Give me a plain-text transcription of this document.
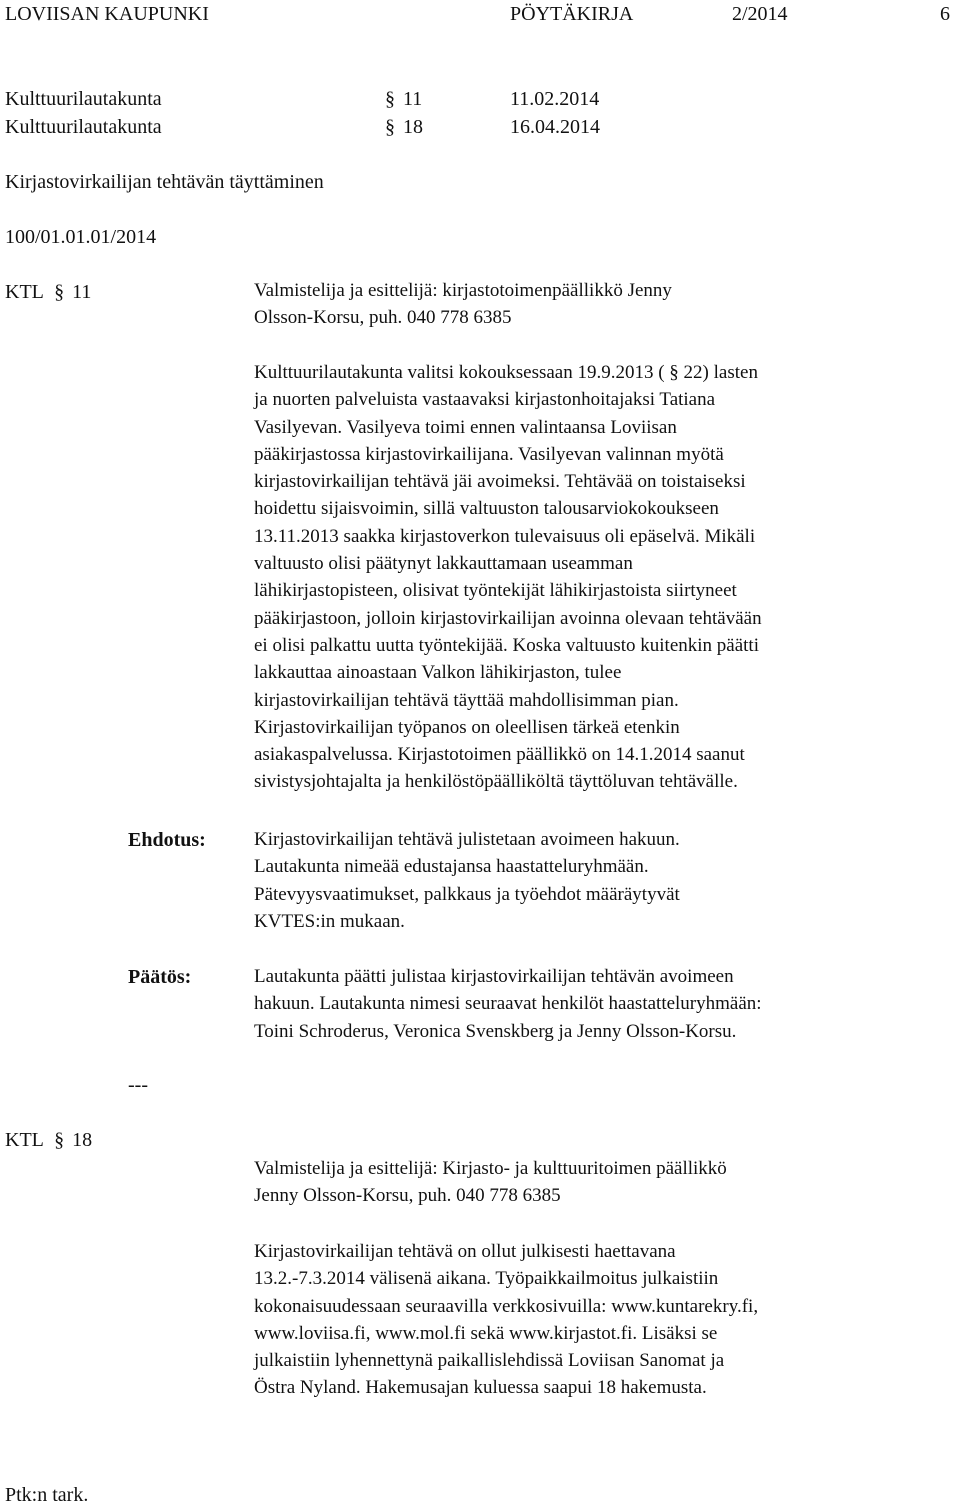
LOVIISAN KAUPUNKI	PÖYTÄKIRJA	2/2014	6
Kulttuurilautakunta	§ 11	11.02.2014
Kulttuurilautakunta	§ 18	16.04.2014
Kirjastovirkailijan tehtävän täyttäminen
100/01.01.01/2014
KTL § 11	Valmistelija ja esittelijä: kirjastotoimenpäällikkö Jenny
Olsson-Korsu, puh. 040 778 6385
Kulttuurilautakunta valitsi kokouksessaan 19.9.2013 ( § 22) lasten
ja nuorten palveluista vastaavaksi kirjastonhoitajaksi Tatiana
Vasilyevan. Vasilyeva toimi ennen valintaansa Loviisan
pääkirjastossa kirjastovirkailijana. Vasilyevan valinnan myötä
kirjastovirkailijan tehtävä jäi avoimeksi. Tehtävää on toistaiseksi
hoidettu sijaisvoimin, sillä valtuuston talousarviokokoukseen
13.11.2013 saakka kirjastoverkon tulevaisuus oli epäselvä. Mikäli
valtuusto olisi päätynyt lakkauttamaan useamman
lähikirjastopisteen, olisivat työntekijät lähikirjastoista siirtyneet
pääkirjastoon, jolloin kirjastovirkailijan avoinna olevaan tehtävään
ei olisi palkattu uutta työntekijää. Koska valtuusto kuitenkin päätti
lakkauttaa ainoastaan Valkon lähikirjaston, tulee
kirjastovirkailijan tehtävä täyttää mahdollisimman pian.
Kirjastovirkailijan työpanos on oleellisen tärkeä etenkin
asiakaspalvelussa. Kirjastotoimen päällikkö on 14.1.2014 saanut
sivistysjohtajalta ja henkilöstöpäälliköltä täyttöluvan tehtävälle.
Ehdotus:	Kirjastovirkailijan tehtävä julistetaan avoimeen hakuun.
Lautakunta nimeää edustajansa haastatteluryhmään.
Pätevyysvaatimukset, palkkaus ja työehdot määräytyvät
KVTES:in mukaan.
Päätös:	Lautakunta päätti julistaa kirjastovirkailijan tehtävän avoimeen
hakuun. Lautakunta nimesi seuraavat henkilöt haastatteluryhmään:
Toini Schroderus, Veronica Svenskberg ja Jenny Olsson-Korsu.
---
KTL § 18
Valmistelija ja esittelijä: Kirjasto- ja kulttuuritoimen päällikkö
Jenny Olsson-Korsu, puh. 040 778 6385
Kirjastovirkailijan tehtävä on ollut julkisesti haettavana
13.2.-7.3.2014 välisenä aikana. Työpaikkailmoitus julkaistiin
kokonaisuudessaan seuraavilla verkkosivuilla: www.kuntarekry.fi,
www.loviisa.fi, www.mol.fi sekä www.kirjastot.fi. Lisäksi se
julkaistiin lyhennettynä paikallislehdissä Loviisan Sanomat ja
Östra Nyland. Hakemusajan kuluessa saapui 18 hakemusta.
Ptk:n tark.
